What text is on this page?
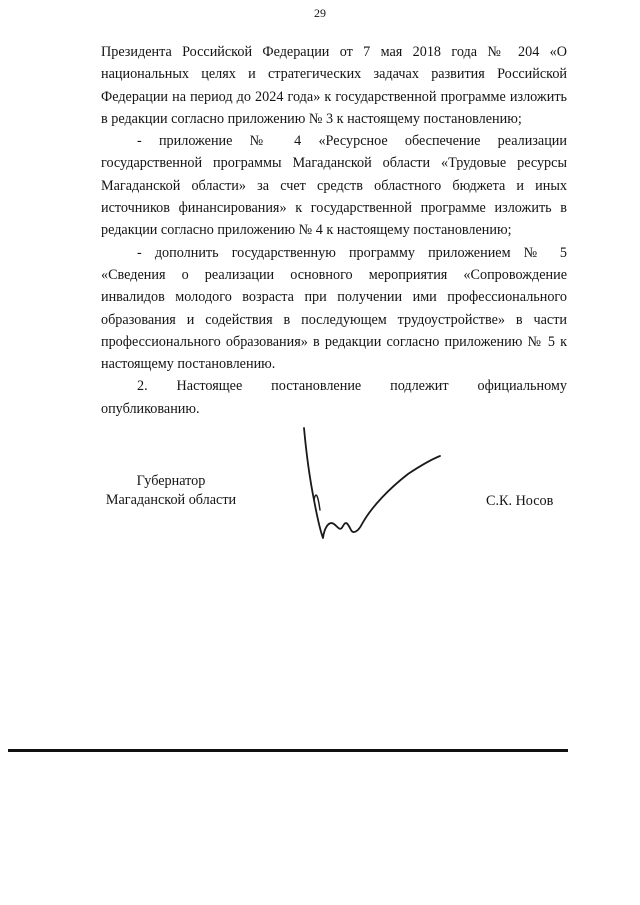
29

Президента Российской Федерации от 7 мая 2018 года № 204 «О национальных целях и стратегических задачах развития Российской Федерации на период до 2024 года» к государственной программе изложить в редакции согласно приложению № 3 к настоящему постановлению;

- приложение № 4 «Ресурсное обеспечение реализации государственной программы Магаданской области «Трудовые ресурсы Магаданской области» за счет средств областного бюджета и иных источников финансирования» к государственной программе изложить в редакции согласно приложению № 4 к настоящему постановлению;

- дополнить государственную программу приложением № 5 «Сведения о реализации основного мероприятия «Сопровождение инвалидов молодого возраста при получении ими профессионального образования и содействия в последующем трудоустройстве» в части профессионального образования» в редакции согласно приложению № 5 к настоящему постановлению.

2. Настоящее постановление подлежит официальному опубликованию.

Губернатор
Магаданской области	С.К. Носов
